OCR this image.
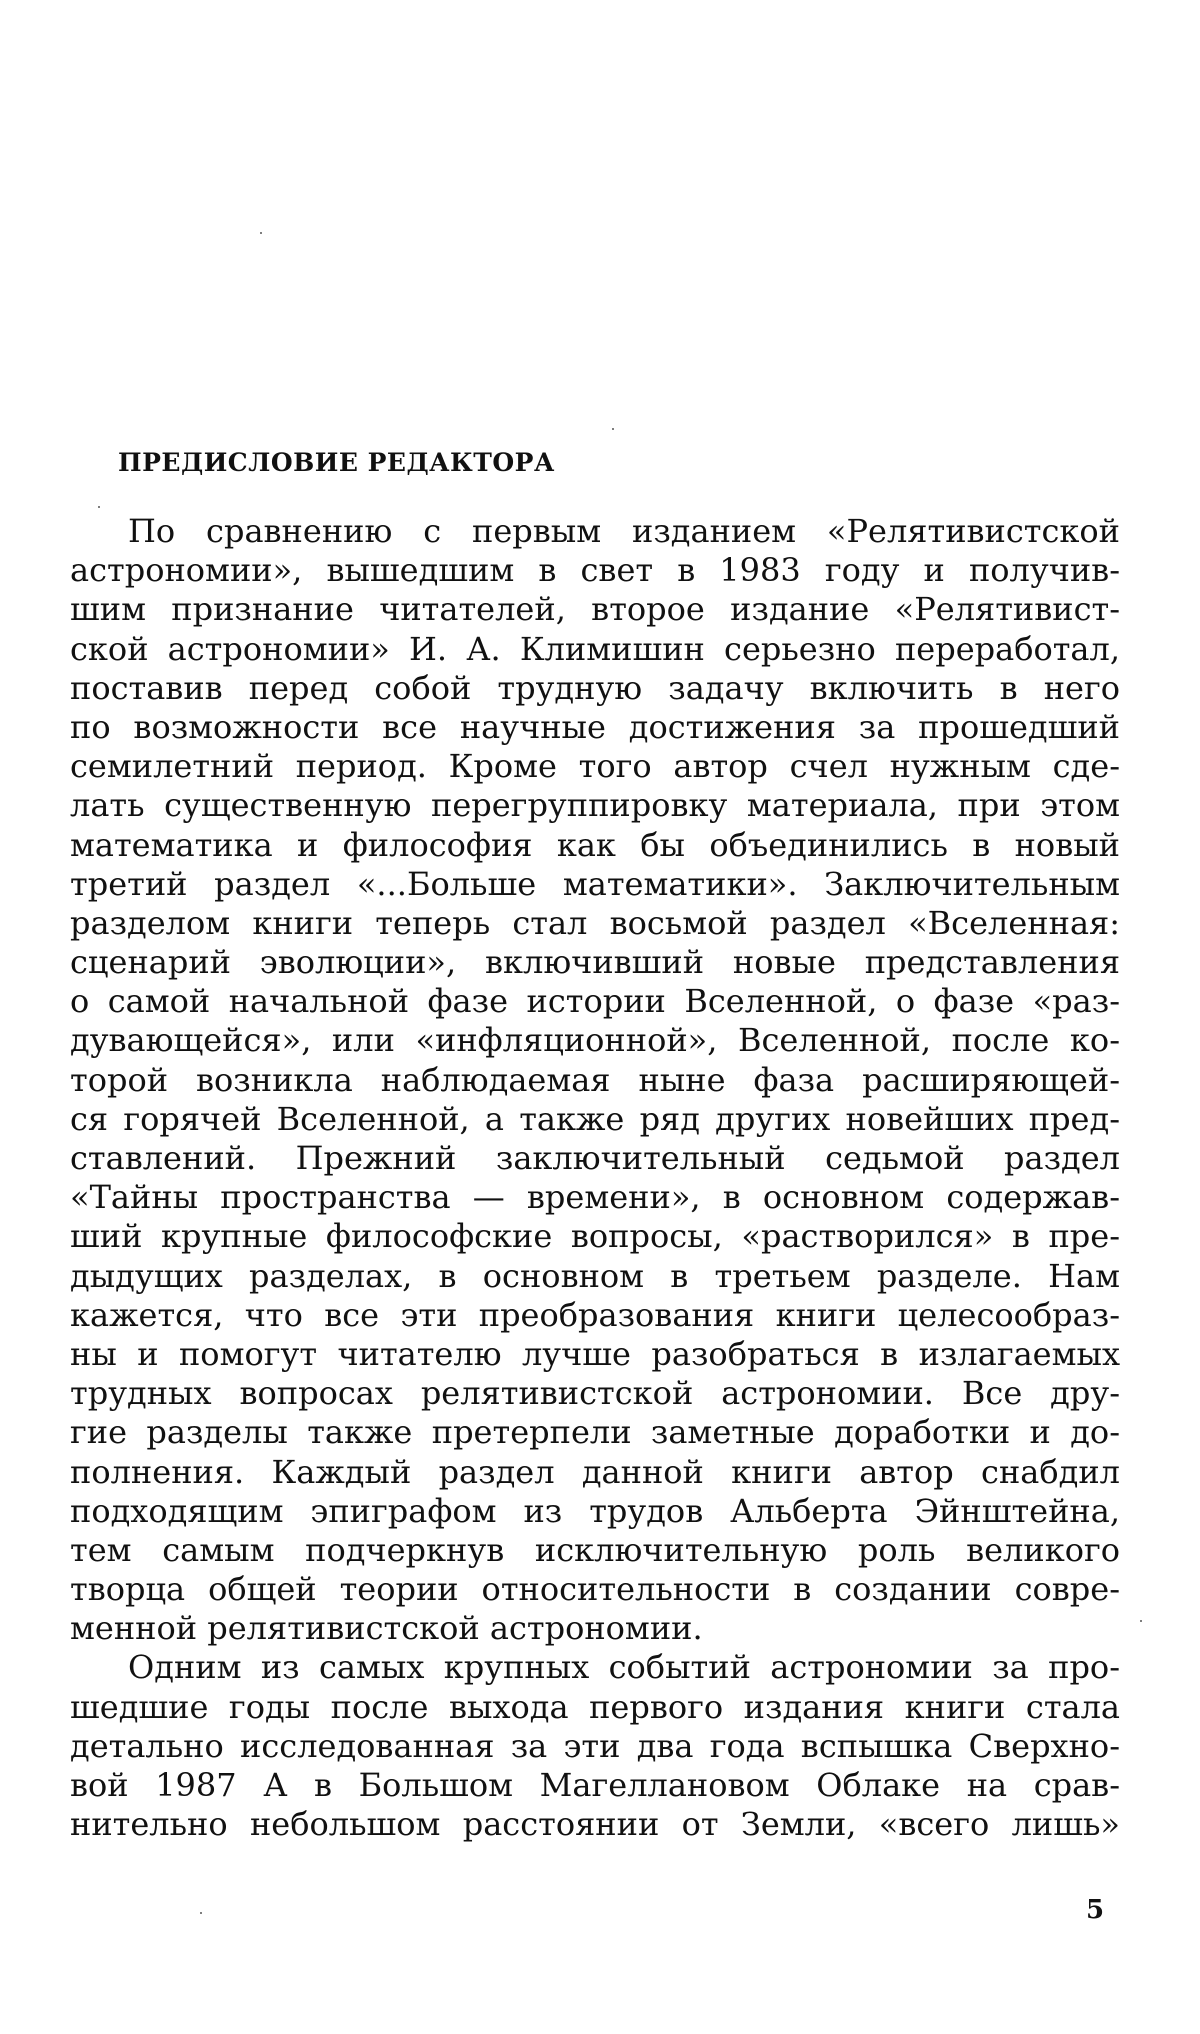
ПРЕДИСЛОВИЕ РЕДАКТОРА
По сравнению с первым изданием «Релятивистской
астрономии», вышедшим в свет в 1983 году и получив-
шим признание читателей, второе издание «Релятивист-
ской астрономии» И. А. Климишин серьезно переработал,
поставив перед собой трудную задачу включить в него
по возможности все научные достижения за прошедший
семилетний период. Кроме того автор счел нужным сде-
лать существенную перегруппировку материала, при этом
математика и философия как бы объединились в новый
третий раздел «...Больше математики». Заключительным
разделом книги теперь стал восьмой раздел «Вселенная:
сценарий эволюции», включивший новые представления
о самой начальной фазе истории Вселенной, о фазе «раз-
дувающейся», или «инфляционной», Вселенной, после ко-
торой возникла наблюдаемая ныне фаза расширяющей-
ся горячей Вселенной, а также ряд других новейших пред-
ставлений. Прежний заключительный седьмой раздел
«Тайны пространства — времени», в основном содержав-
ший крупные философские вопросы, «растворился» в пре-
дыдущих разделах, в основном в третьем разделе. Нам
кажется, что все эти преобразования книги целесообраз-
ны и помогут читателю лучше разобраться в излагаемых
трудных вопросах релятивистской астрономии. Все дру-
гие разделы также претерпели заметные доработки и до-
полнения. Каждый раздел данной книги автор снабдил
подходящим эпиграфом из трудов Альберта Эйнштейна,
тем самым подчеркнув исключительную роль великого
творца общей теории относительности в создании совре-
менной релятивистской астрономии.
Одним из самых крупных событий астрономии за про-
шедшие годы после выхода первого издания книги стала
детально исследованная за эти два года вспышка Сверхно-
вой 1987 А в Большом Магеллановом Облаке на срав-
нительно небольшом расстоянии от Земли, «всего лишь»
5
